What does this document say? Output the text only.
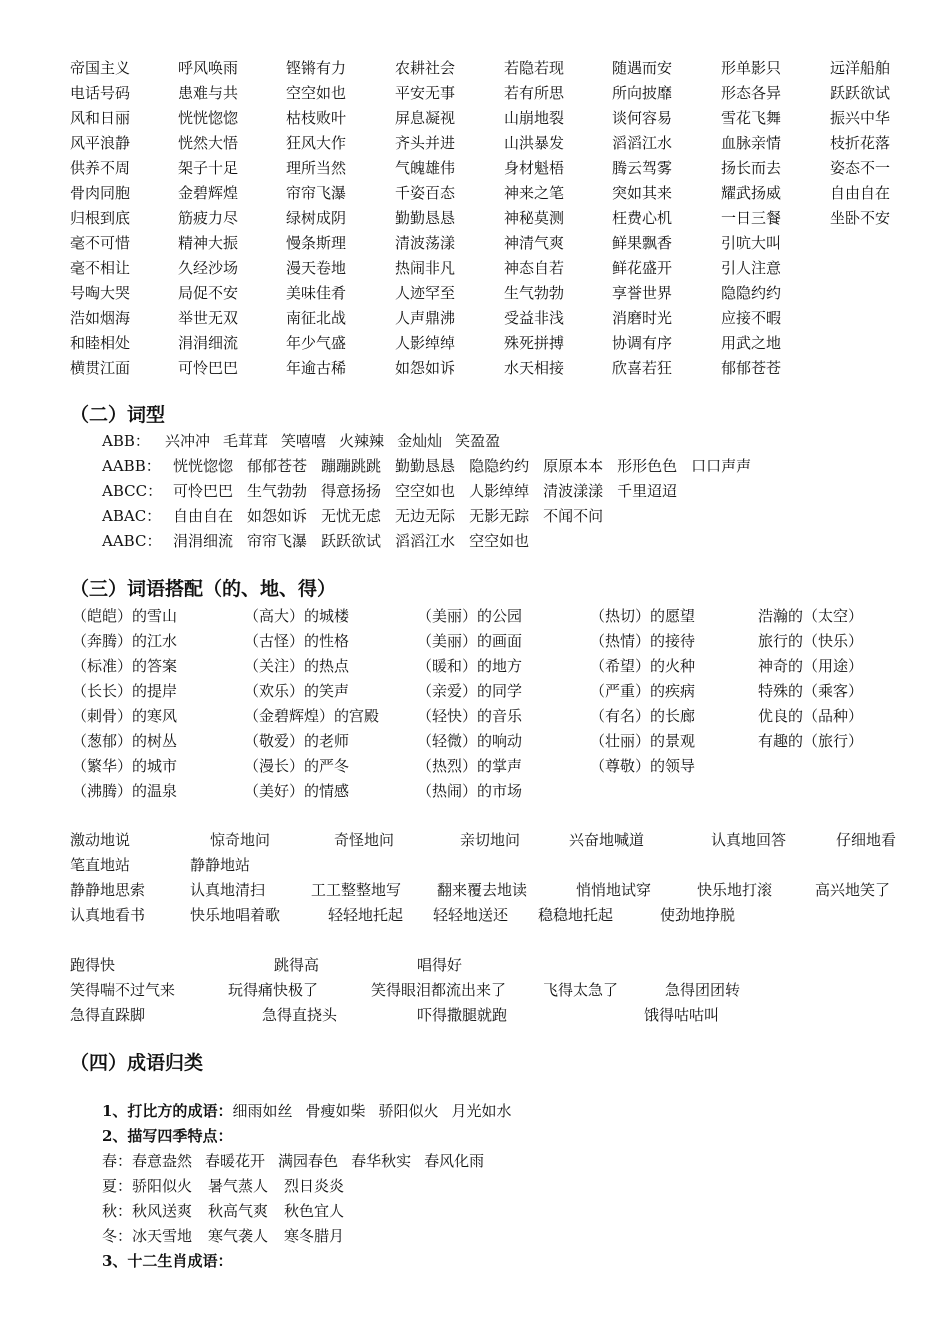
帝国主义	呼风唤雨	铿锵有力	农耕社会	若隐若现	随遇而安	形单影只	远洋船舶
电话号码	患难与共	空空如也	平安无事	若有所思	所向披靡	形态各异	跃跃欲试
风和日丽	恍恍惚惚	枯枝败叶	屏息凝视	山崩地裂	谈何容易	雪花飞舞	振兴中华
风平浪静	恍然大悟	狂风大作	齐头并进	山洪暴发	滔滔江水	血脉亲情	枝折花落
供养不周	架子十足	理所当然	气魄雄伟	身材魁梧	腾云驾雾	扬长而去	姿态不一
骨肉同胞	金碧辉煌	帘帘飞瀑	千姿百态	神来之笔	突如其来	耀武扬威	自由自在
归根到底	筋疲力尽	绿树成阴	勤勤恳恳	神秘莫测	枉费心机	一日三餐	坐卧不安
毫不可惜	精神大振	慢条斯理	清波荡漾	神清气爽	鲜果飘香	引吭大叫
毫不相让	久经沙场	漫天卷地	热闹非凡	神态自若	鲜花盛开	引人注意
号啕大哭	局促不安	美味佳肴	人迹罕至	生气勃勃	享誉世界	隐隐约约
浩如烟海	举世无双	南征北战	人声鼎沸	受益非浅	消磨时光	应接不暇
和睦相处	涓涓细流	年少气盛	人影绰绰	殊死拼搏	协调有序	用武之地
横贯江面	可怜巴巴	年逾古稀	如怨如诉	水天相接	欣喜若狂	郁郁苍苍
（二）词型
ABB： 兴冲冲 毛茸茸 笑嘻嘻 火辣辣 金灿灿 笑盈盈
AABB： 恍恍惚惚 郁郁苍苍 蹦蹦跳跳 勤勤恳恳 隐隐约约 原原本本 形形色色 口口声声
ABCC： 可怜巴巴 生气勃勃 得意扬扬 空空如也 人影绰绰 清波漾漾 千里迢迢
ABAC： 自由自在 如怨如诉 无忧无虑 无边无际 无影无踪 不闻不问
AABC： 涓涓细流 帘帘飞瀑 跃跃欲试 滔滔江水 空空如也
（三）词语搭配（的、地、得）
（皑皑）的雪山	（高大）的城楼	（美丽）的公园	（热切）的愿望	浩瀚的（太空）
（奔腾）的江水	（古怪）的性格	（美丽）的画面	（热情）的接待	旅行的（快乐）
（标准）的答案	（关注）的热点	（暖和）的地方	（希望）的火种	神奇的（用途）
（长长）的提岸	（欢乐）的笑声	（亲爱）的同学	（严重）的疾病	特殊的（乘客）
（刺骨）的寒风	（金碧辉煌）的宫殿	（轻快）的音乐	（有名）的长廊	优良的（品种）
（葱郁）的树丛	（敬爱）的老师	（轻微）的响动	（壮丽）的景观	有趣的（旅行）
（繁华）的城市	（漫长）的严冬	（热烈）的掌声	（尊敬）的领导
（沸腾）的温泉	（美好）的情感	（热闹）的市场
激动地说	惊奇地问	奇怪地问	亲切地问	兴奋地喊道	认真地回答	仔细地看
笔直地站	静静地站
静静地思索	认真地清扫	工工整整地写 翻来覆去地读	悄悄地试穿	快乐地打滚	高兴地笑了
认真地看书	快乐地唱着歌	轻轻地托起 轻轻地送还 稳稳地托起	使劲地挣脱
跑得快	跳得高	唱得好
笑得喘不过气来	玩得痛快极了	笑得眼泪都流出来了 飞得太急了	急得团团转
急得直跺脚	急得直挠头	吓得撒腿就跑	饿得咕咕叫
（四）成语归类
1、打比方的成语：细雨如丝 骨瘦如柴 骄阳似火 月光如水
2、描写四季特点：
春：春意盎然 春暖花开 满园春色 春华秋实 春风化雨
夏：骄阳似火 暑气蒸人 烈日炎炎
秋：秋风送爽 秋高气爽 秋色宜人
冬：冰天雪地 寒气袭人 寒冬腊月
3、十二生肖成语：
